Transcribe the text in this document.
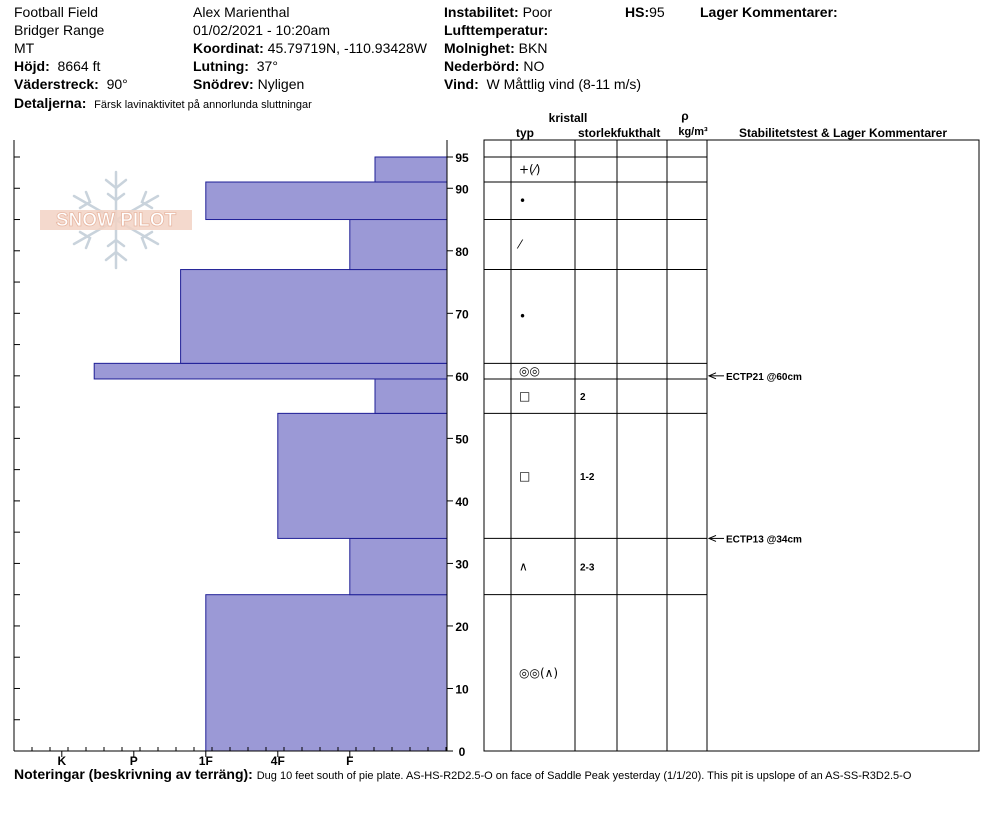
Football Field
Bridger Range
MT
Höjd: 8664 ft
Väderstreck: 90°
Detaljerna: Färsk lavinaktivitet på annorlunda sluttningar
Alex Marienthal
01/02/2021 - 10:20am
Koordinat: 45.79719N, -110.93428W
Lutning: 37°
Snödrev: Nyligen
Instabilitet: Poor
Lufttemperatur:
Molnighet: BKN
Nederbörd: NO
Vind: W Måttlig vind (8-11 m/s)
HS:95	Lager Kommentarer:
SNOW PILOT
0
10
20
30
40
50
60
70
80
90
95
K	P	1F	4F	F
kristall
typ	storlek fukthalt
ρ
kg/m³	Stabilitetstest & Lager Kommentarer
◎◎(∧)
∧	2-3
□	1-2
□	2
◎◎
•
⁄
•
+(⁄)
ECTP21 @60cm
ECTP13 @34cm
Noteringar (beskrivning av terräng): Dug 10 feet south of pie plate. AS-HS-R2D2.5-O on face of Saddle Peak yesterday (1/1/20). This pit is upslope of an AS-SS-R3D2.5-O
